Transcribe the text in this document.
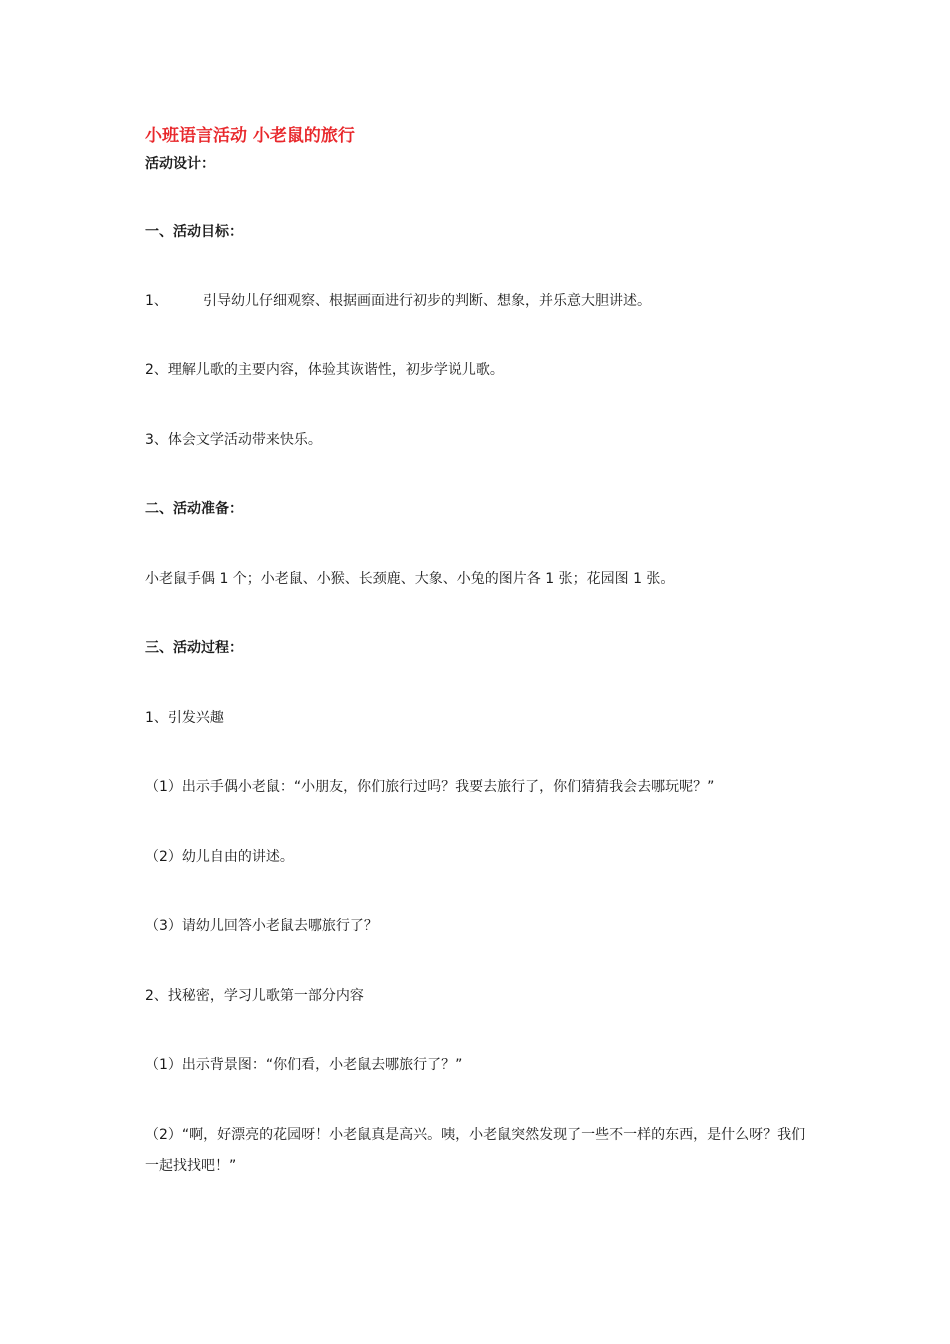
小班语言活动 小老鼠的旅行
活动设计：
一、活动目标：
1、	引导幼儿仔细观察、根据画面进行初步的判断、想象，并乐意大胆讲述。
2、理解儿歌的主要内容，体验其诙谐性，初步学说儿歌。
3、体会文学活动带来快乐。
二、活动准备：
小老鼠手偶 1 个；小老鼠、小猴、长颈鹿、大象、小兔的图片各 1 张；花园图 1 张。
三、活动过程：
1、引发兴趣
（1）出示手偶小老鼠：“小朋友，你们旅行过吗？我要去旅行了，你们猜猜我会去哪玩呢？”
（2）幼儿自由的讲述。
（3）请幼儿回答小老鼠去哪旅行了？
2、找秘密，学习儿歌第一部分内容
（1）出示背景图：“你们看，小老鼠去哪旅行了？”
（2）“啊，好漂亮的花园呀！小老鼠真是高兴。咦，小老鼠突然发现了一些不一样的东西，是什么呀？我们一起找找吧！”
